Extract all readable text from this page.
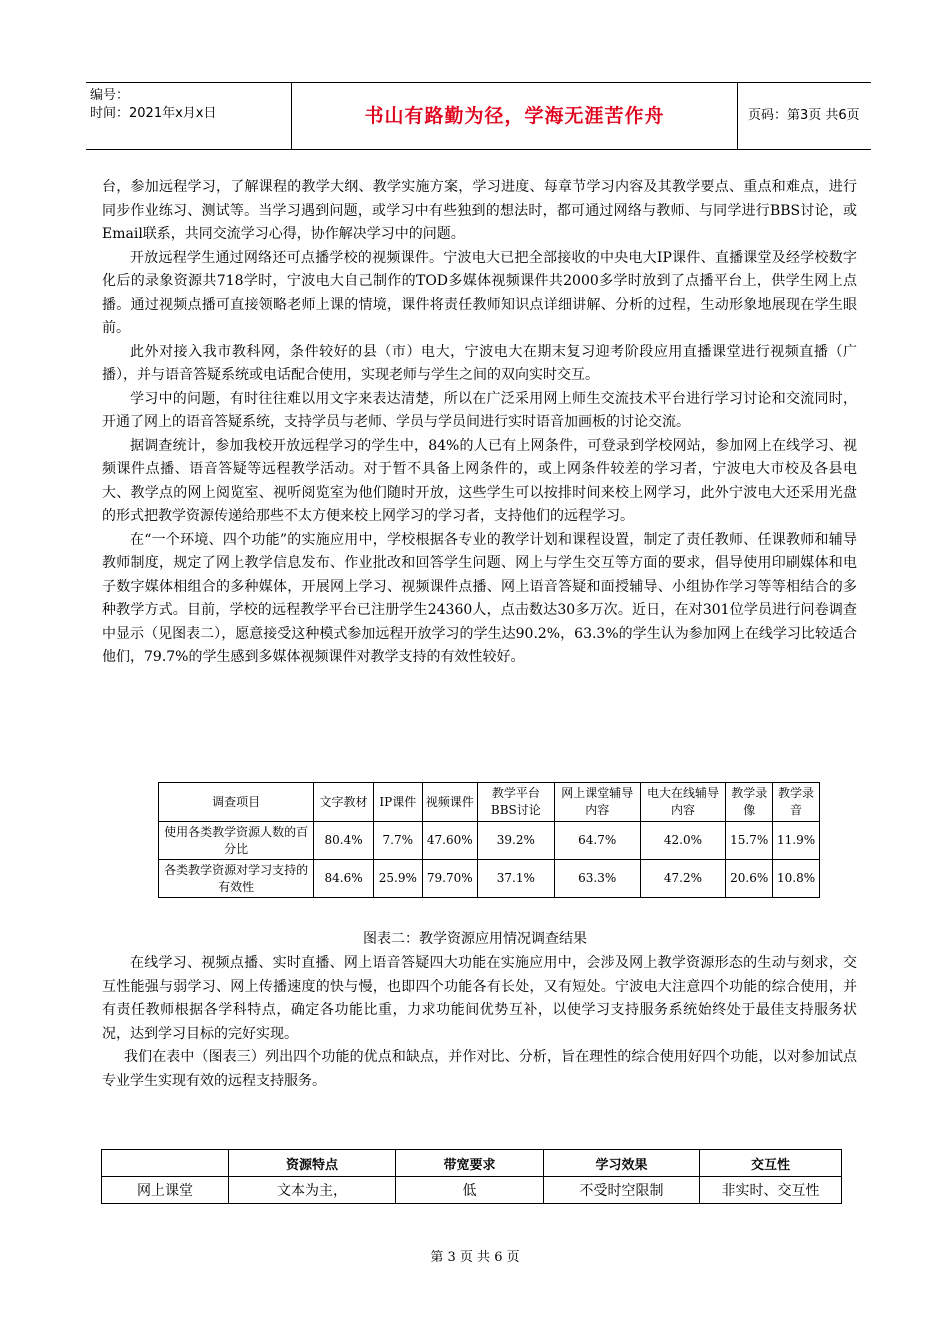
编号：
时间：2021年x月x日	书山有路勤为径，学海无涯苦作舟	页码：第3页 共6页

台，参加远程学习，了解课程的教学大纲、教学实施方案，学习进度、每章节学习内容及其教学要点、重点和难点，进行同步作业练习、测试等。当学习遇到问题，或学习中有些独到的想法时，都可通过网络与教师、与同学进行BBS讨论，或Email联系，共同交流学习心得，协作解决学习中的问题。

开放远程学生通过网络还可点播学校的视频课件。宁波电大已把全部接收的中央电大IP课件、直播课堂及经学校数字化后的录象资源共718学时，宁波电大自己制作的TOD多媒体视频课件共2000多学时放到了点播平台上，供学生网上点播。通过视频点播可直接领略老师上课的情境，课件将责任教师知识点详细讲解、分析的过程，生动形象地展现在学生眼前。

此外对接入我市教科网，条件较好的县（市）电大，宁波电大在期末复习迎考阶段应用直播课堂进行视频直播（广播），并与语音答疑系统或电话配合使用，实现老师与学生之间的双向实时交互。

学习中的问题，有时往往难以用文字来表达清楚，所以在广泛采用网上师生交流技术平台进行学习讨论和交流同时，开通了网上的语音答疑系统，支持学员与老师、学员与学员间进行实时语音加画板的讨论交流。

据调查统计，参加我校开放远程学习的学生中，84%的人已有上网条件，可登录到学校网站，参加网上在线学习、视频课件点播、语音答疑等远程教学活动。对于暂不具备上网条件的，或上网条件较差的学习者，宁波电大市校及各县电大、教学点的网上阅览室、视听阅览室为他们随时开放，这些学生可以按排时间来校上网学习，此外宁波电大还采用光盘的形式把教学资源传递给那些不太方便来校上网学习的学习者，支持他们的远程学习。

在“一个环境、四个功能”的实施应用中，学校根据各专业的教学计划和课程设置，制定了责任教师、任课教师和辅导教师制度，规定了网上教学信息发布、作业批改和回答学生问题、网上与学生交互等方面的要求，倡导使用印刷媒体和电子数字媒体相组合的多种媒体，开展网上学习、视频课件点播、网上语音答疑和面授辅导、小组协作学习等等相结合的多种教学方式。目前，学校的远程教学平台已注册学生24360人，点击数达30多万次。近日，在对301位学员进行问卷调查中显示（见图表二），愿意接受这种模式参加远程开放学习的学生达90.2%，63.3%的学生认为参加网上在线学习比较适合他们，79.7%的学生感到多媒体视频课件对教学支持的有效性较好。

调查项目	文字教材	IP课件	视频课件	教学平台BBS讨论	网上课堂辅导内容	电大在线辅导内容	教学录像	教学录音
使用各类教学资源人数的百分比	80.4%	7.7%	47.60%	39.2%	64.7%	42.0%	15.7%	11.9%
各类教学资源对学习支持的有效性	84.6%	25.9%	79.70%	37.1%	63.3%	47.2%	20.6%	10.8%
图表二：教学资源应用情况调查结果

在线学习、视频点播、实时直播、网上语音答疑四大功能在实施应用中，会涉及网上教学资源形态的生动与刻求，交互性能强与弱学习、网上传播速度的快与慢，也即四个功能各有长处，又有短处。宁波电大注意四个功能的综合使用，并有责任教师根据各学科特点，确定各功能比重，力求功能间优势互补，以使学习支持服务系统始终处于最佳支持服务状况，达到学习目标的完好实现。

我们在表中（图表三）列出四个功能的优点和缺点，并作对比、分析，旨在理性的综合使用好四个功能，以对参加试点专业学生实现有效的远程支持服务。

	资源特点	带宽要求	学习效果	交互性
网上课堂	文本为主，	低	不受时空限制	非实时、交互性
第 3 页 共 6 页
